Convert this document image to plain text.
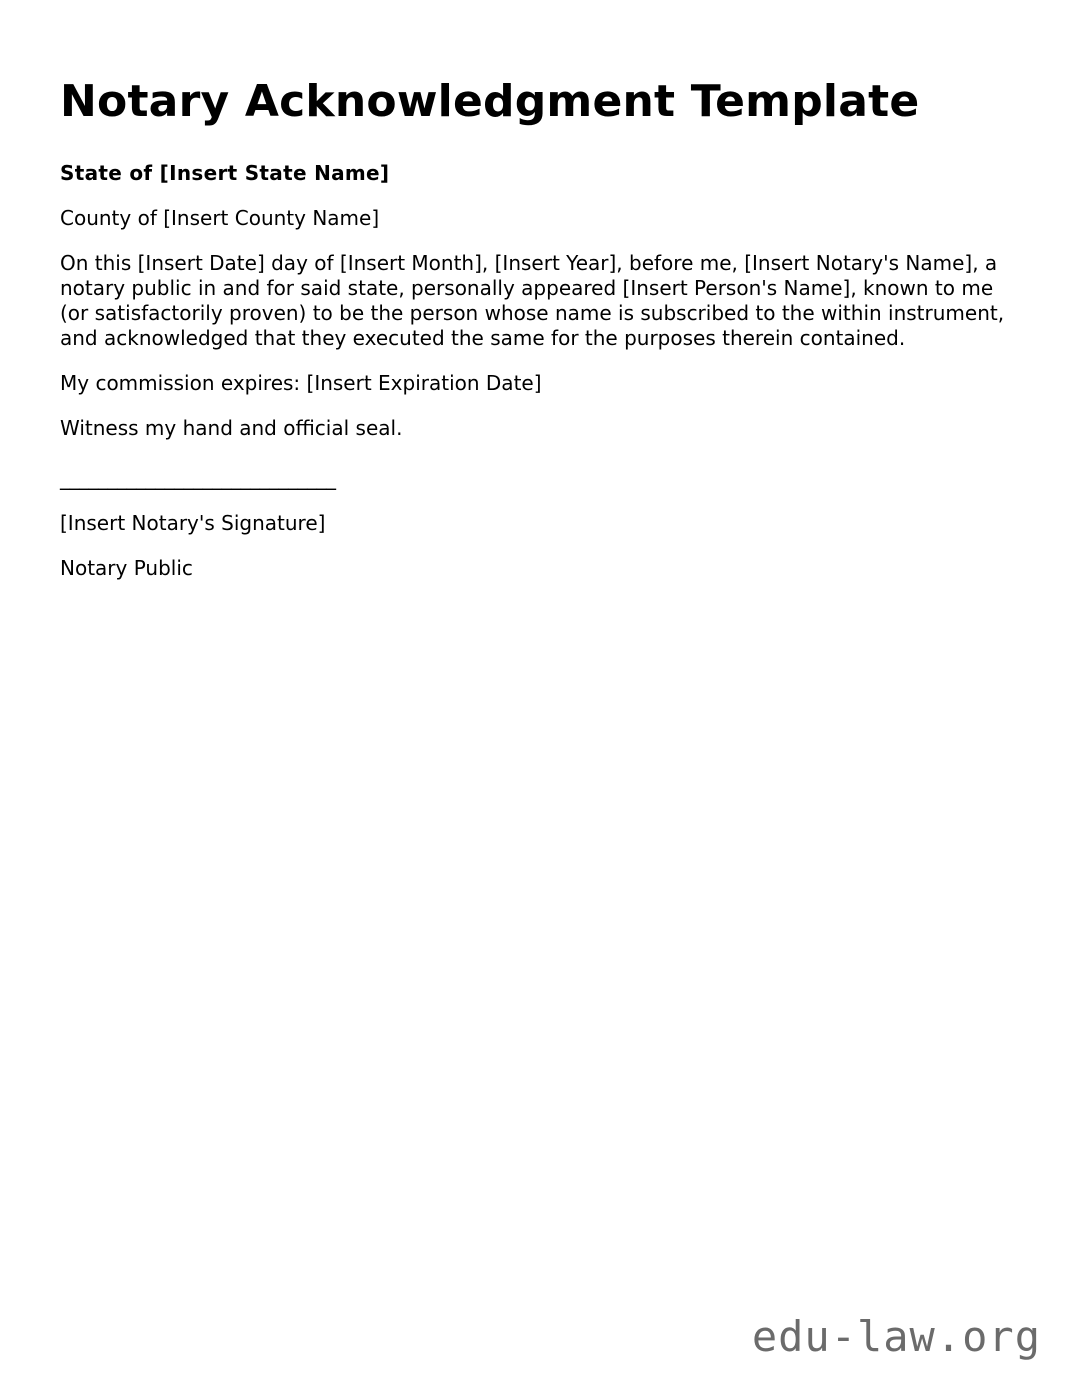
Notary Acknowledgment Template

State of [Insert State Name]

County of [Insert County Name]

On this [Insert Date] day of [Insert Month], [Insert Year], before me, [Insert Notary's Name], a notary public in and for said state, personally appeared [Insert Person's Name], known to me (or satisfactorily proven) to be the person whose name is subscribed to the within instrument, and acknowledged that they executed the same for the purposes therein contained.

My commission expires: [Insert Expiration Date]

Witness my hand and official seal.

_____________________________

[Insert Notary's Signature]

Notary Public

edu-law.org
